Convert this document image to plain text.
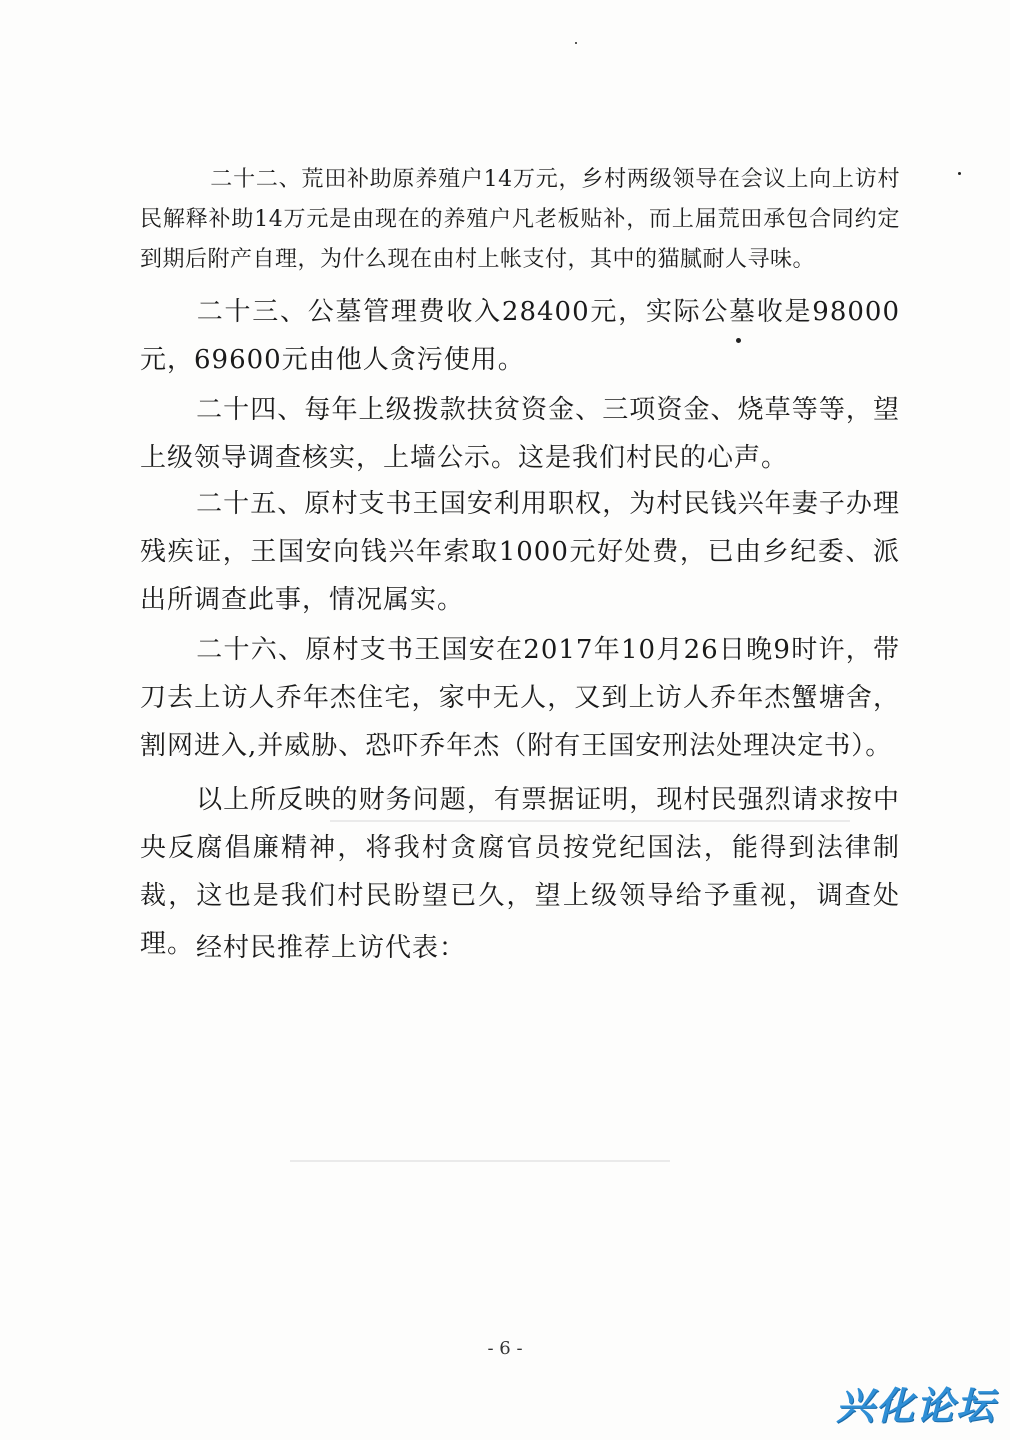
二十二、荒田补助原养殖户14万元，乡村两级领导在会议上向上访村民解释补助14万元是由现在的养殖户凡老板贴补，而上届荒田承包合同约定到期后附产自理，为什么现在由村上帐支付，其中的猫腻耐人寻味。

二十三、公墓管理费收入28400元，实际公墓收是98000元，69600元由他人贪污使用。

二十四、每年上级拨款扶贫资金、三项资金、烧草等等，望上级领导调查核实，上墙公示。这是我们村民的心声。

二十五、原村支书王国安利用职权，为村民钱兴年妻子办理残疾证，王国安向钱兴年索取1000元好处费，已由乡纪委、派出所调查此事，情况属实。

二十六、原村支书王国安在2017年10月26日晚9时许，带刀去上访人乔年杰住宅，家中无人，又到上访人乔年杰蟹塘舍，割网进入,并威胁、恐吓乔年杰（附有王国安刑法处理决定书）。

以上所反映的财务问题，有票据证明，现村民强烈请求按中央反腐倡廉精神，将我村贪腐官员按党纪国法，能得到法律制裁，这也是我们村民盼望已久，望上级领导给予重视，调查处理。 经村民推荐上访代表：

- 6 -
兴化论坛
